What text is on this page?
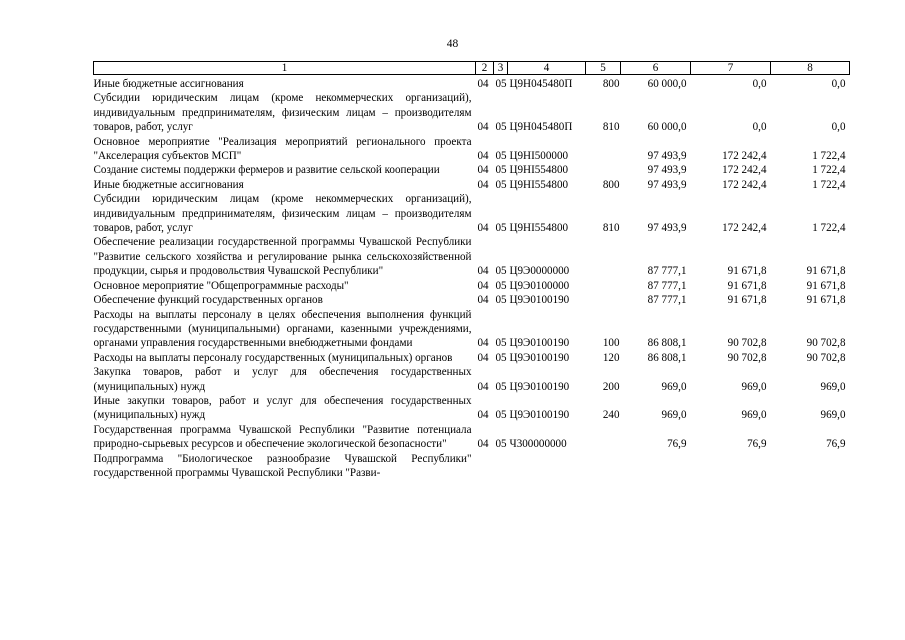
48
1	2	3	4	5	6	7	8

Иные бюджетные ассигнования	04	05	Ц9Н045480П	800	60 000,0	0,0	0,0
Субсидии юридическим лицам (кроме некоммерческих организаций), индивидуальным предпринимателям, физическим лицам – производителям товаров, работ, услуг	04	05	Ц9Н045480П	810	60 000,0	0,0	0,0
Основное мероприятие "Реализация мероприятий регионального проекта "Акселерация субъектов МСП"	04	05	Ц9НI500000		97 493,9	172 242,4	1 722,4
Создание системы поддержки фермеров и развитие сельской кооперации	04	05	Ц9НI554800		97 493,9	172 242,4	1 722,4
Иные бюджетные ассигнования	04	05	Ц9НI554800	800	97 493,9	172 242,4	1 722,4
Субсидии юридическим лицам (кроме некоммерческих организаций), индивидуальным предпринимателям, физическим лицам – производителям товаров, работ, услуг	04	05	Ц9НI554800	810	97 493,9	172 242,4	1 722,4
Обеспечение реализации государственной программы Чувашской Республики "Развитие сельского хозяйства и регулирование рынка сельскохозяйственной продукции, сырья и продовольствия Чувашской Республики"	04	05	Ц9Э0000000		87 777,1	91 671,8	91 671,8
Основное мероприятие "Общепрограммные расходы"	04	05	Ц9Э0100000		87 777,1	91 671,8	91 671,8
Обеспечение функций государственных органов	04	05	Ц9Э0100190		87 777,1	91 671,8	91 671,8
Расходы на выплаты персоналу в целях обеспечения выполнения функций государственными (муниципальными) органами, казенными учреждениями, органами управления государственными внебюджетными фондами	04	05	Ц9Э0100190	100	86 808,1	90 702,8	90 702,8
Расходы на выплаты персоналу государственных (муниципальных) органов	04	05	Ц9Э0100190	120	86 808,1	90 702,8	90 702,8
Закупка товаров, работ и услуг для обеспечения государственных (муниципальных) нужд	04	05	Ц9Э0100190	200	969,0	969,0	969,0
Иные закупки товаров, работ и услуг для обеспечения государственных (муниципальных) нужд	04	05	Ц9Э0100190	240	969,0	969,0	969,0
Государственная программа Чувашской Республики "Развитие потенциала природно-сырьевых ресурсов и обеспечение экологической безопасности"	04	05	Ч300000000		76,9	76,9	76,9
Подпрограмма "Биологическое разнообразие Чувашской Республики" государственной программы Чувашской Республики "Разви-							
